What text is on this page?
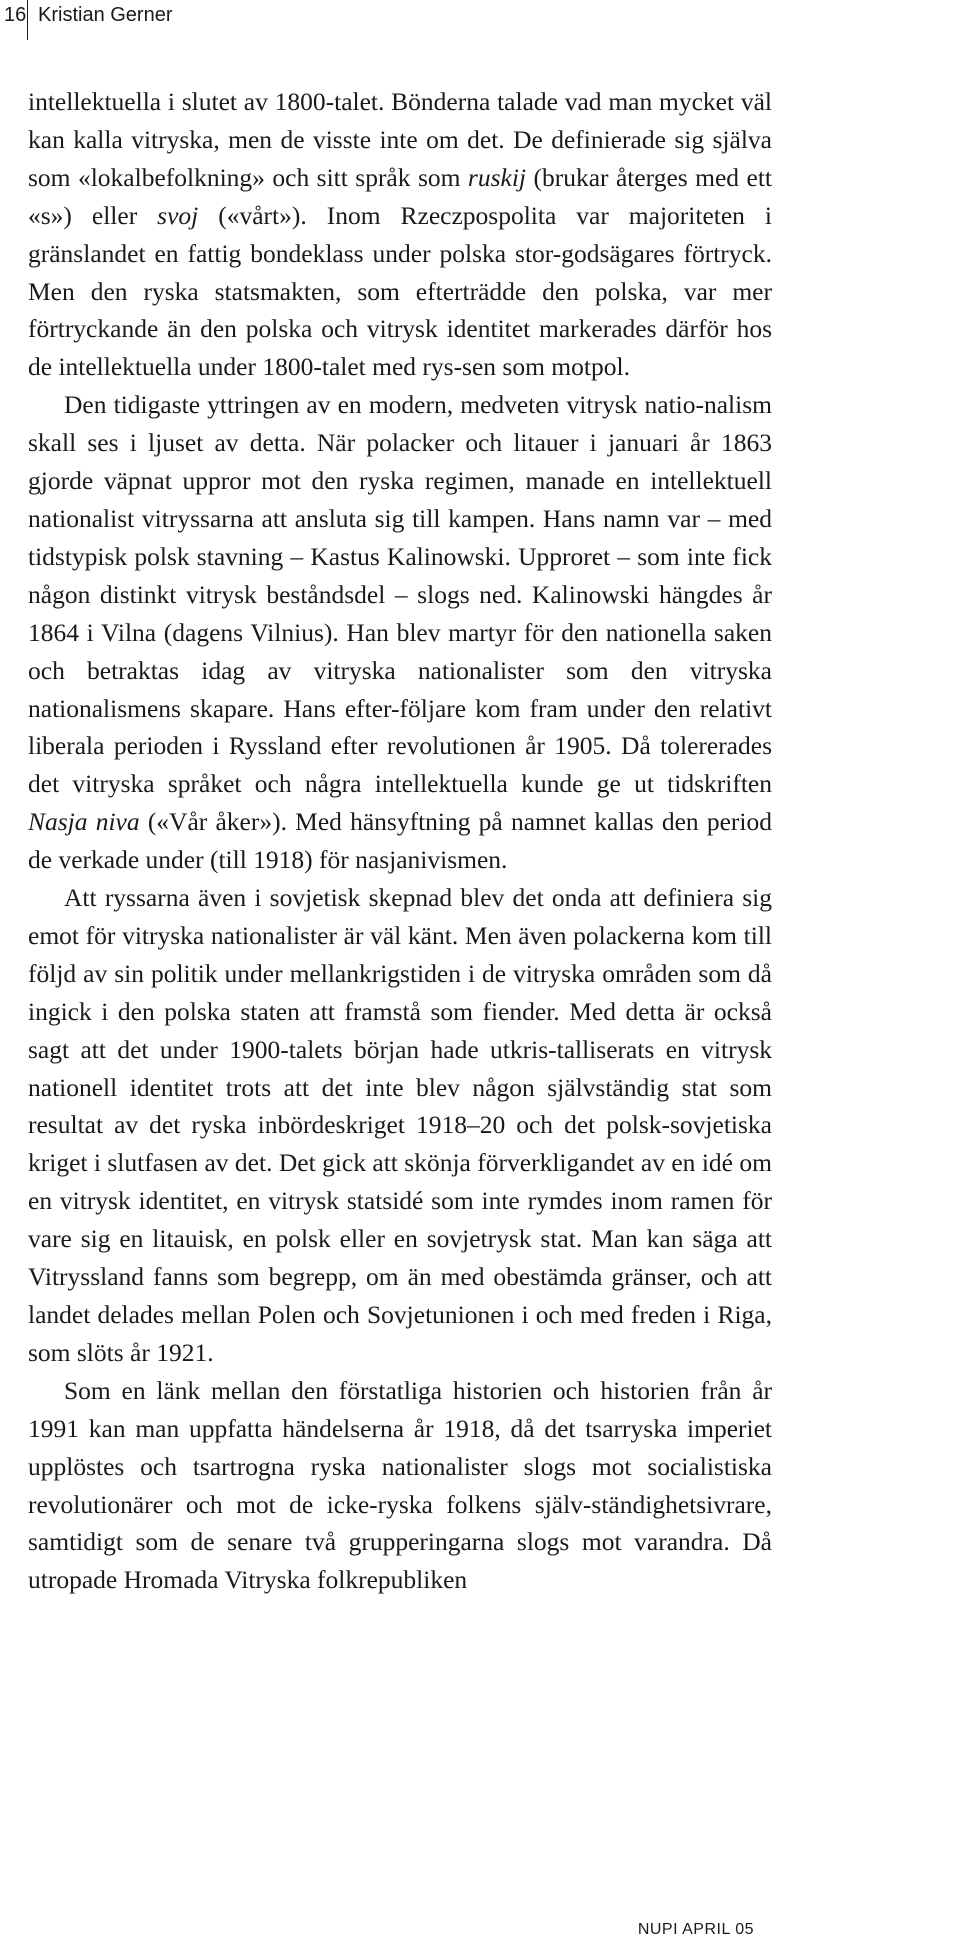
16 Kristian Gerner

intellektuella i slutet av 1800-talet. Bönderna talade vad man mycket väl kan kalla vitryska, men de visste inte om det. De definierade sig själva som «lokalbefolkning» och sitt språk som ruskij (brukar återges med ett «s») eller svoj («vårt»). Inom Rzeczpospolita var majoriteten i gränslandet en fattig bondeklass under polska stor-godsägares förtryck. Men den ryska statsmakten, som efterträdde den polska, var mer förtryckande än den polska och vitrysk identitet markerades därför hos de intellektuella under 1800-talet med rys-sen som motpol.

Den tidigaste yttringen av en modern, medveten vitrysk natio-nalism skall ses i ljuset av detta. När polacker och litauer i januari år 1863 gjorde väpnat uppror mot den ryska regimen, manade en intellektuell nationalist vitryssarna att ansluta sig till kampen. Hans namn var – med tidstypisk polsk stavning – Kastus Kalinowski. Upproret – som inte fick någon distinkt vitrysk beståndsdel – slogs ned. Kalinowski hängdes år 1864 i Vilna (dagens Vilnius). Han blev martyr för den nationella saken och betraktas idag av vitryska nationalister som den vitryska nationalismens skapare. Hans efter-följare kom fram under den relativt liberala perioden i Ryssland efter revolutionen år 1905. Då tolererades det vitryska språket och några intellektuella kunde ge ut tidskriften Nasja niva («Vår åker»). Med hänsyftning på namnet kallas den period de verkade under (till 1918) för nasjanivismen.

Att ryssarna även i sovjetisk skepnad blev det onda att definiera sig emot för vitryska nationalister är väl känt. Men även polackerna kom till följd av sin politik under mellankrigstiden i de vitryska områden som då ingick i den polska staten att framstå som fiender. Med detta är också sagt att det under 1900-talets början hade utkris-talliserats en vitrysk nationell identitet trots att det inte blev någon självständig stat som resultat av det ryska inbördeskriget 1918–20 och det polsk-sovjetiska kriget i slutfasen av det. Det gick att skönja förverkligandet av en idé om en vitrysk identitet, en vitrysk statsidé som inte rymdes inom ramen för vare sig en litauisk, en polsk eller en sovjetrysk stat. Man kan säga att Vitryssland fanns som begrepp, om än med obestämda gränser, och att landet delades mellan Polen och Sovjetunionen i och med freden i Riga, som slöts år 1921.

Som en länk mellan den förstatliga historien och historien från år 1991 kan man uppfatta händelserna år 1918, då det tsarryska imperiet upplöstes och tsartrogna ryska nationalister slogs mot socialistiska revolutionärer och mot de icke-ryska folkens själv-ständighetsivrare, samtidigt som de senare två grupperingarna slogs mot varandra. Då utropade Hromada Vitryska folkrepubliken

NUPI APRIL 05
